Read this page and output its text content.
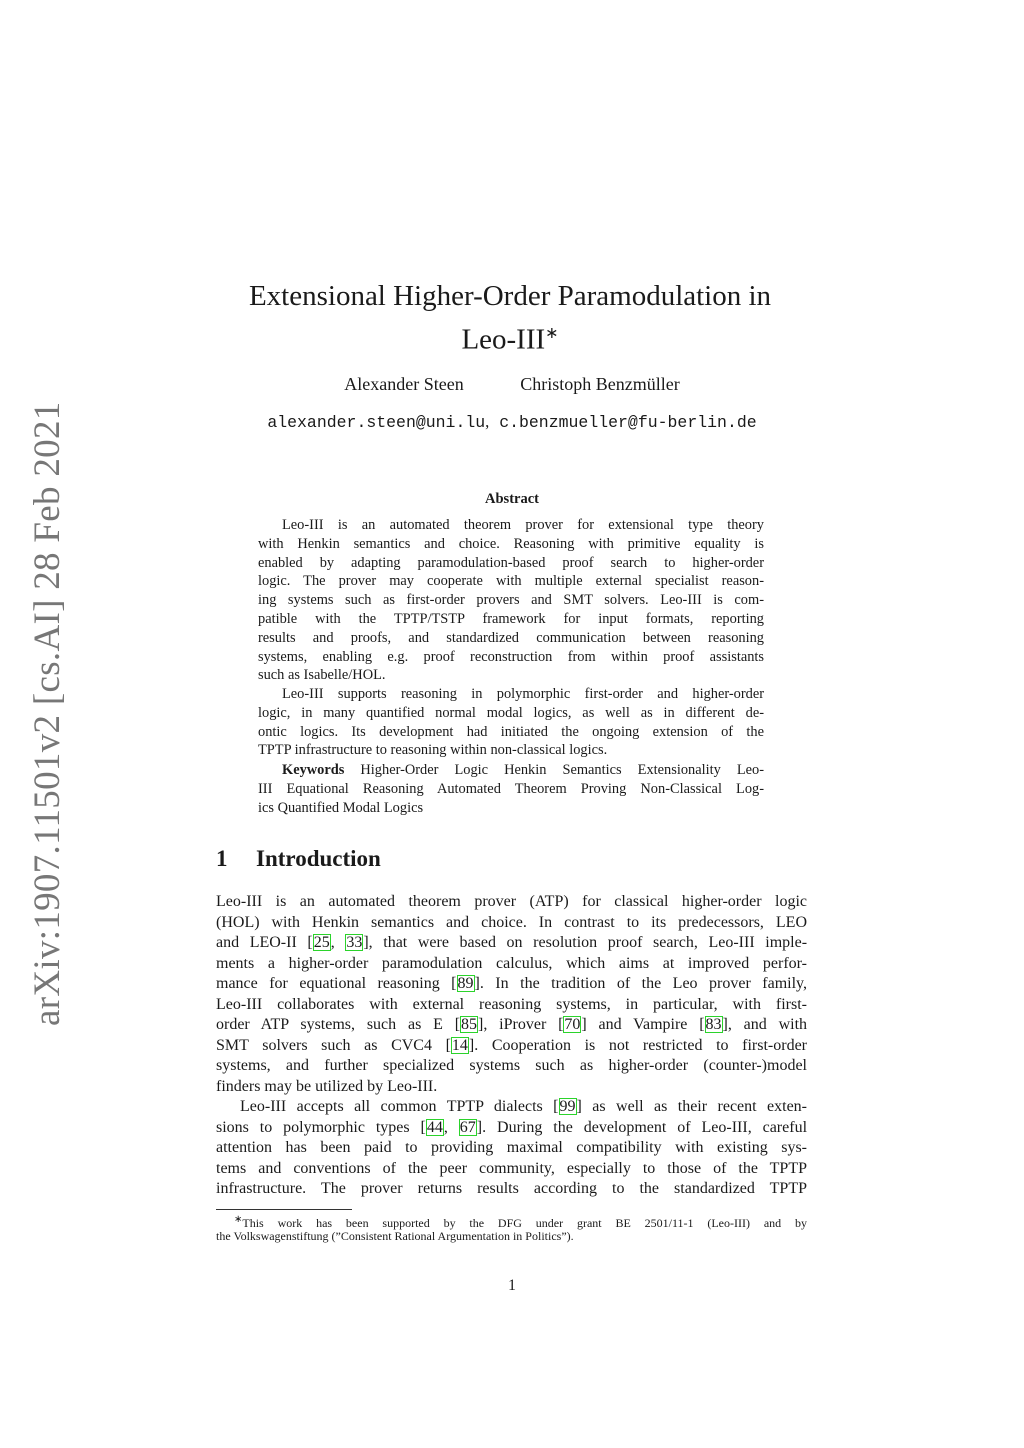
arXiv:1907.11501v2 [cs.AI] 28 Feb 2021
Extensional Higher-Order Paramodulation in
Leo-III∗
Alexander Steen	Christoph Benzmüller
alexander.steen@uni.lu, c.benzmueller@fu-berlin.de
Abstract
Leo-III is an automated theorem prover for extensional type theory
with Henkin semantics and choice. Reasoning with primitive equality is
enabled by adapting paramodulation-based proof search to higher-order
logic. The prover may cooperate with multiple external specialist reason-
ing systems such as first-order provers and SMT solvers. Leo-III is com-
patible with the TPTP/TSTP framework for input formats, reporting
results and proofs, and standardized communication between reasoning
systems, enabling e.g. proof reconstruction from within proof assistants
such as Isabelle/HOL.
Leo-III supports reasoning in polymorphic first-order and higher-order
logic, in many quantified normal modal logics, as well as in different de-
ontic logics. Its development had initiated the ongoing extension of the
TPTP infrastructure to reasoning within non-classical logics.
Keywords Higher-Order Logic Henkin Semantics Extensionality Leo-
III Equational Reasoning Automated Theorem Proving Non-Classical Log-
ics Quantified Modal Logics
1 Introduction
Leo-III is an automated theorem prover (ATP) for classical higher-order logic
(HOL) with Henkin semantics and choice. In contrast to its predecessors, LEO
and LEO-II [25, 33], that were based on resolution proof search, Leo-III imple-
ments a higher-order paramodulation calculus, which aims at improved perfor-
mance for equational reasoning [89]. In the tradition of the Leo prover family,
Leo-III collaborates with external reasoning systems, in particular, with first-
order ATP systems, such as E [85], iProver [70] and Vampire [83], and with
SMT solvers such as CVC4 [14]. Cooperation is not restricted to first-order
systems, and further specialized systems such as higher-order (counter-)model
finders may be utilized by Leo-III.
Leo-III accepts all common TPTP dialects [99] as well as their recent exten-
sions to polymorphic types [44, 67]. During the development of Leo-III, careful
attention has been paid to providing maximal compatibility with existing sys-
tems and conventions of the peer community, especially to those of the TPTP
infrastructure. The prover returns results according to the standardized TPTP
∗This work has been supported by the DFG under grant BE 2501/11-1 (Leo-III) and by
the Volkswagenstiftung (”Consistent Rational Argumentation in Politics”).
1
